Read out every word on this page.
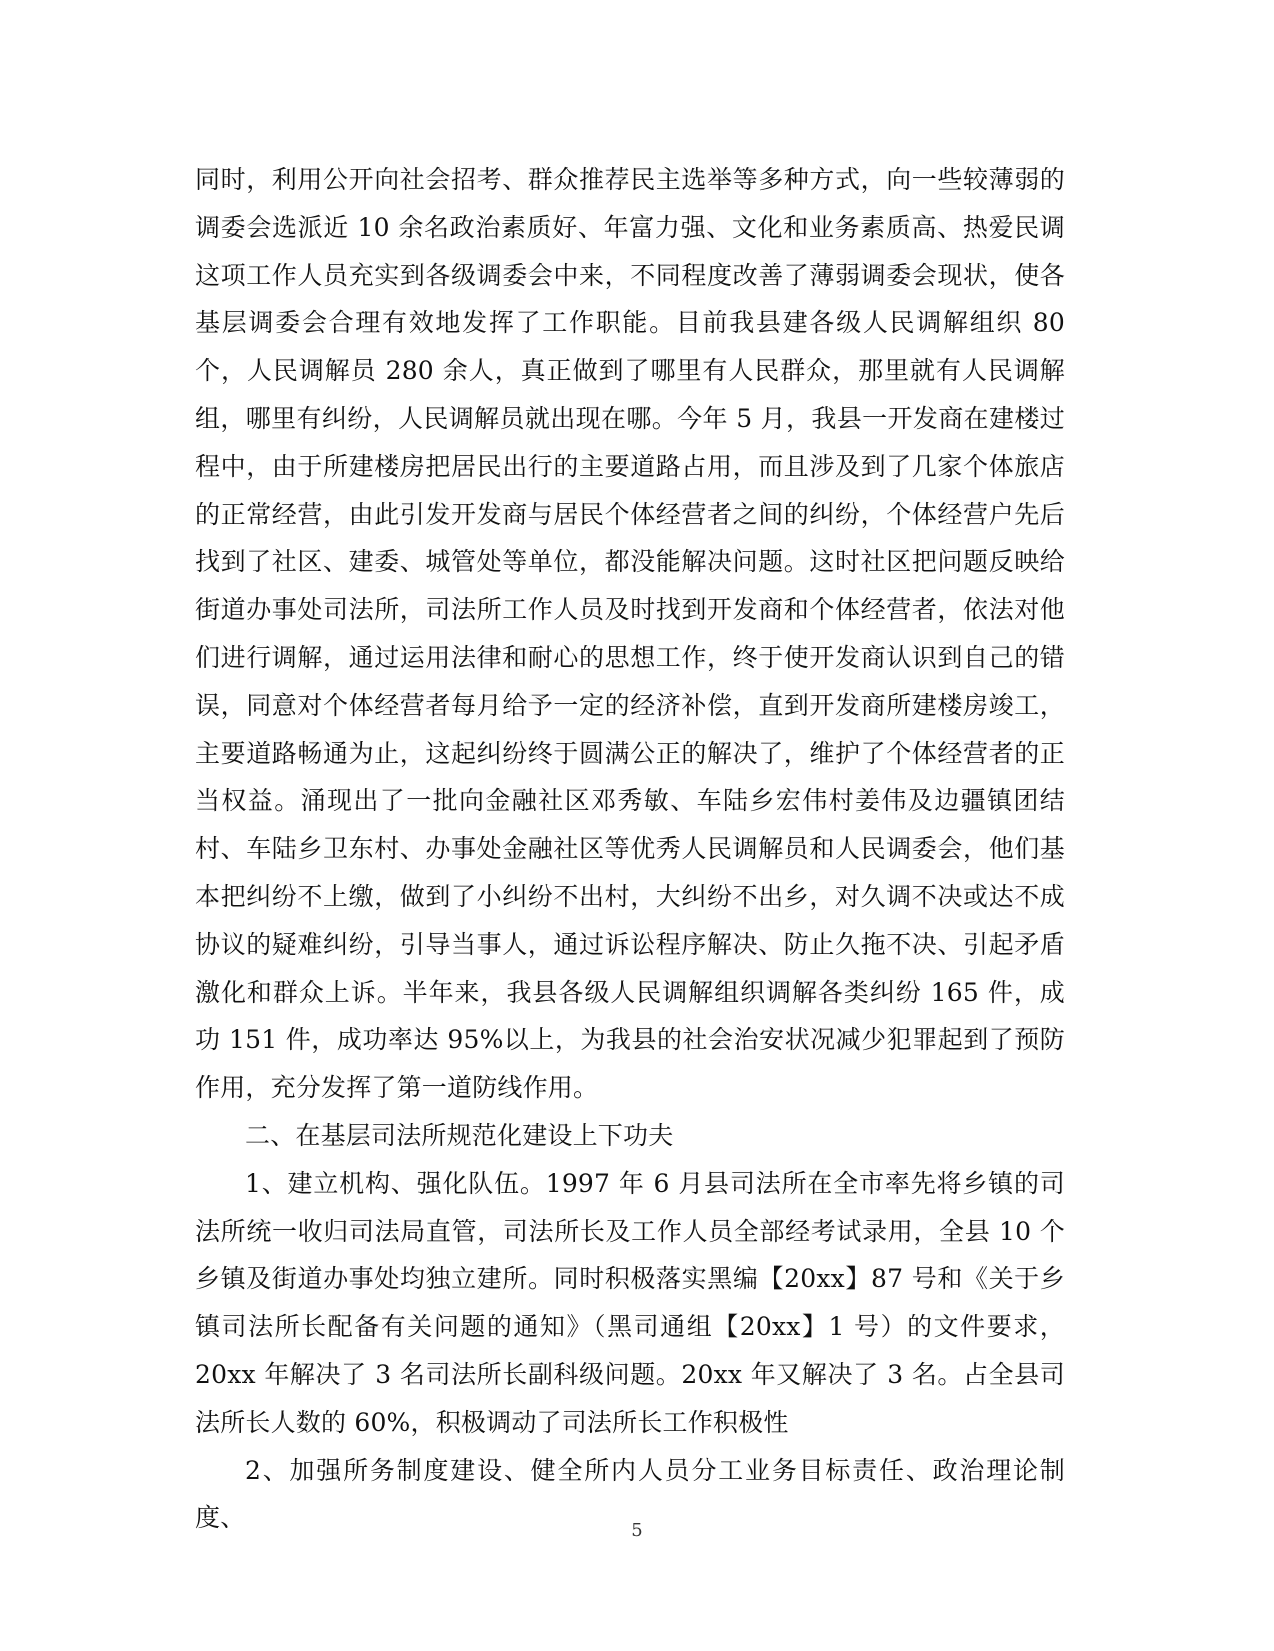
同时，利用公开向社会招考、群众推荐民主选举等多种方式，向一些较薄弱的调委会选派近 10 余名政治素质好、年富力强、文化和业务素质高、热爱民调这项工作人员充实到各级调委会中来，不同程度改善了薄弱调委会现状，使各基层调委会合理有效地发挥了工作职能。目前我县建各级人民调解组织 80 个，人民调解员 280 余人，真正做到了哪里有人民群众，那里就有人民调解组，哪里有纠纷，人民调解员就出现在哪。今年 5 月，我县一开发商在建楼过程中，由于所建楼房把居民出行的主要道路占用，而且涉及到了几家个体旅店的正常经营，由此引发开发商与居民个体经营者之间的纠纷，个体经营户先后找到了社区、建委、城管处等单位，都没能解决问题。这时社区把问题反映给街道办事处司法所，司法所工作人员及时找到开发商和个体经营者，依法对他们进行调解，通过运用法律和耐心的思想工作，终于使开发商认识到自己的错误，同意对个体经营者每月给予一定的经济补偿，直到开发商所建楼房竣工，主要道路畅通为止，这起纠纷终于圆满公正的解决了，维护了个体经营者的正当权益。涌现出了一批向金融社区邓秀敏、车陆乡宏伟村姜伟及边疆镇团结村、车陆乡卫东村、办事处金融社区等优秀人民调解员和人民调委会，他们基本把纠纷不上缴，做到了小纠纷不出村，大纠纷不出乡，对久调不决或达不成协议的疑难纠纷，引导当事人，通过诉讼程序解决、防止久拖不决、引起矛盾激化和群众上诉。半年来，我县各级人民调解组织调解各类纠纷 165 件，成功 151 件，成功率达 95%以上，为我县的社会治安状况减少犯罪起到了预防作用，充分发挥了第一道防线作用。

二、在基层司法所规范化建设上下功夫

1、建立机构、强化队伍。1997 年 6 月县司法所在全市率先将乡镇的司法所统一收归司法局直管，司法所长及工作人员全部经考试录用，全县 10 个乡镇及街道办事处均独立建所。同时积极落实黑编【20xx】87 号和《关于乡镇司法所长配备有关问题的通知》（黑司通组【20xx】1 号）的文件要求，20xx 年解决了 3 名司法所长副科级问题。20xx 年又解决了 3 名。占全县司法所长人数的 60%，积极调动了司法所长工作积极性

2、加强所务制度建设、健全所内人员分工业务目标责任、政治理论制度、	5
